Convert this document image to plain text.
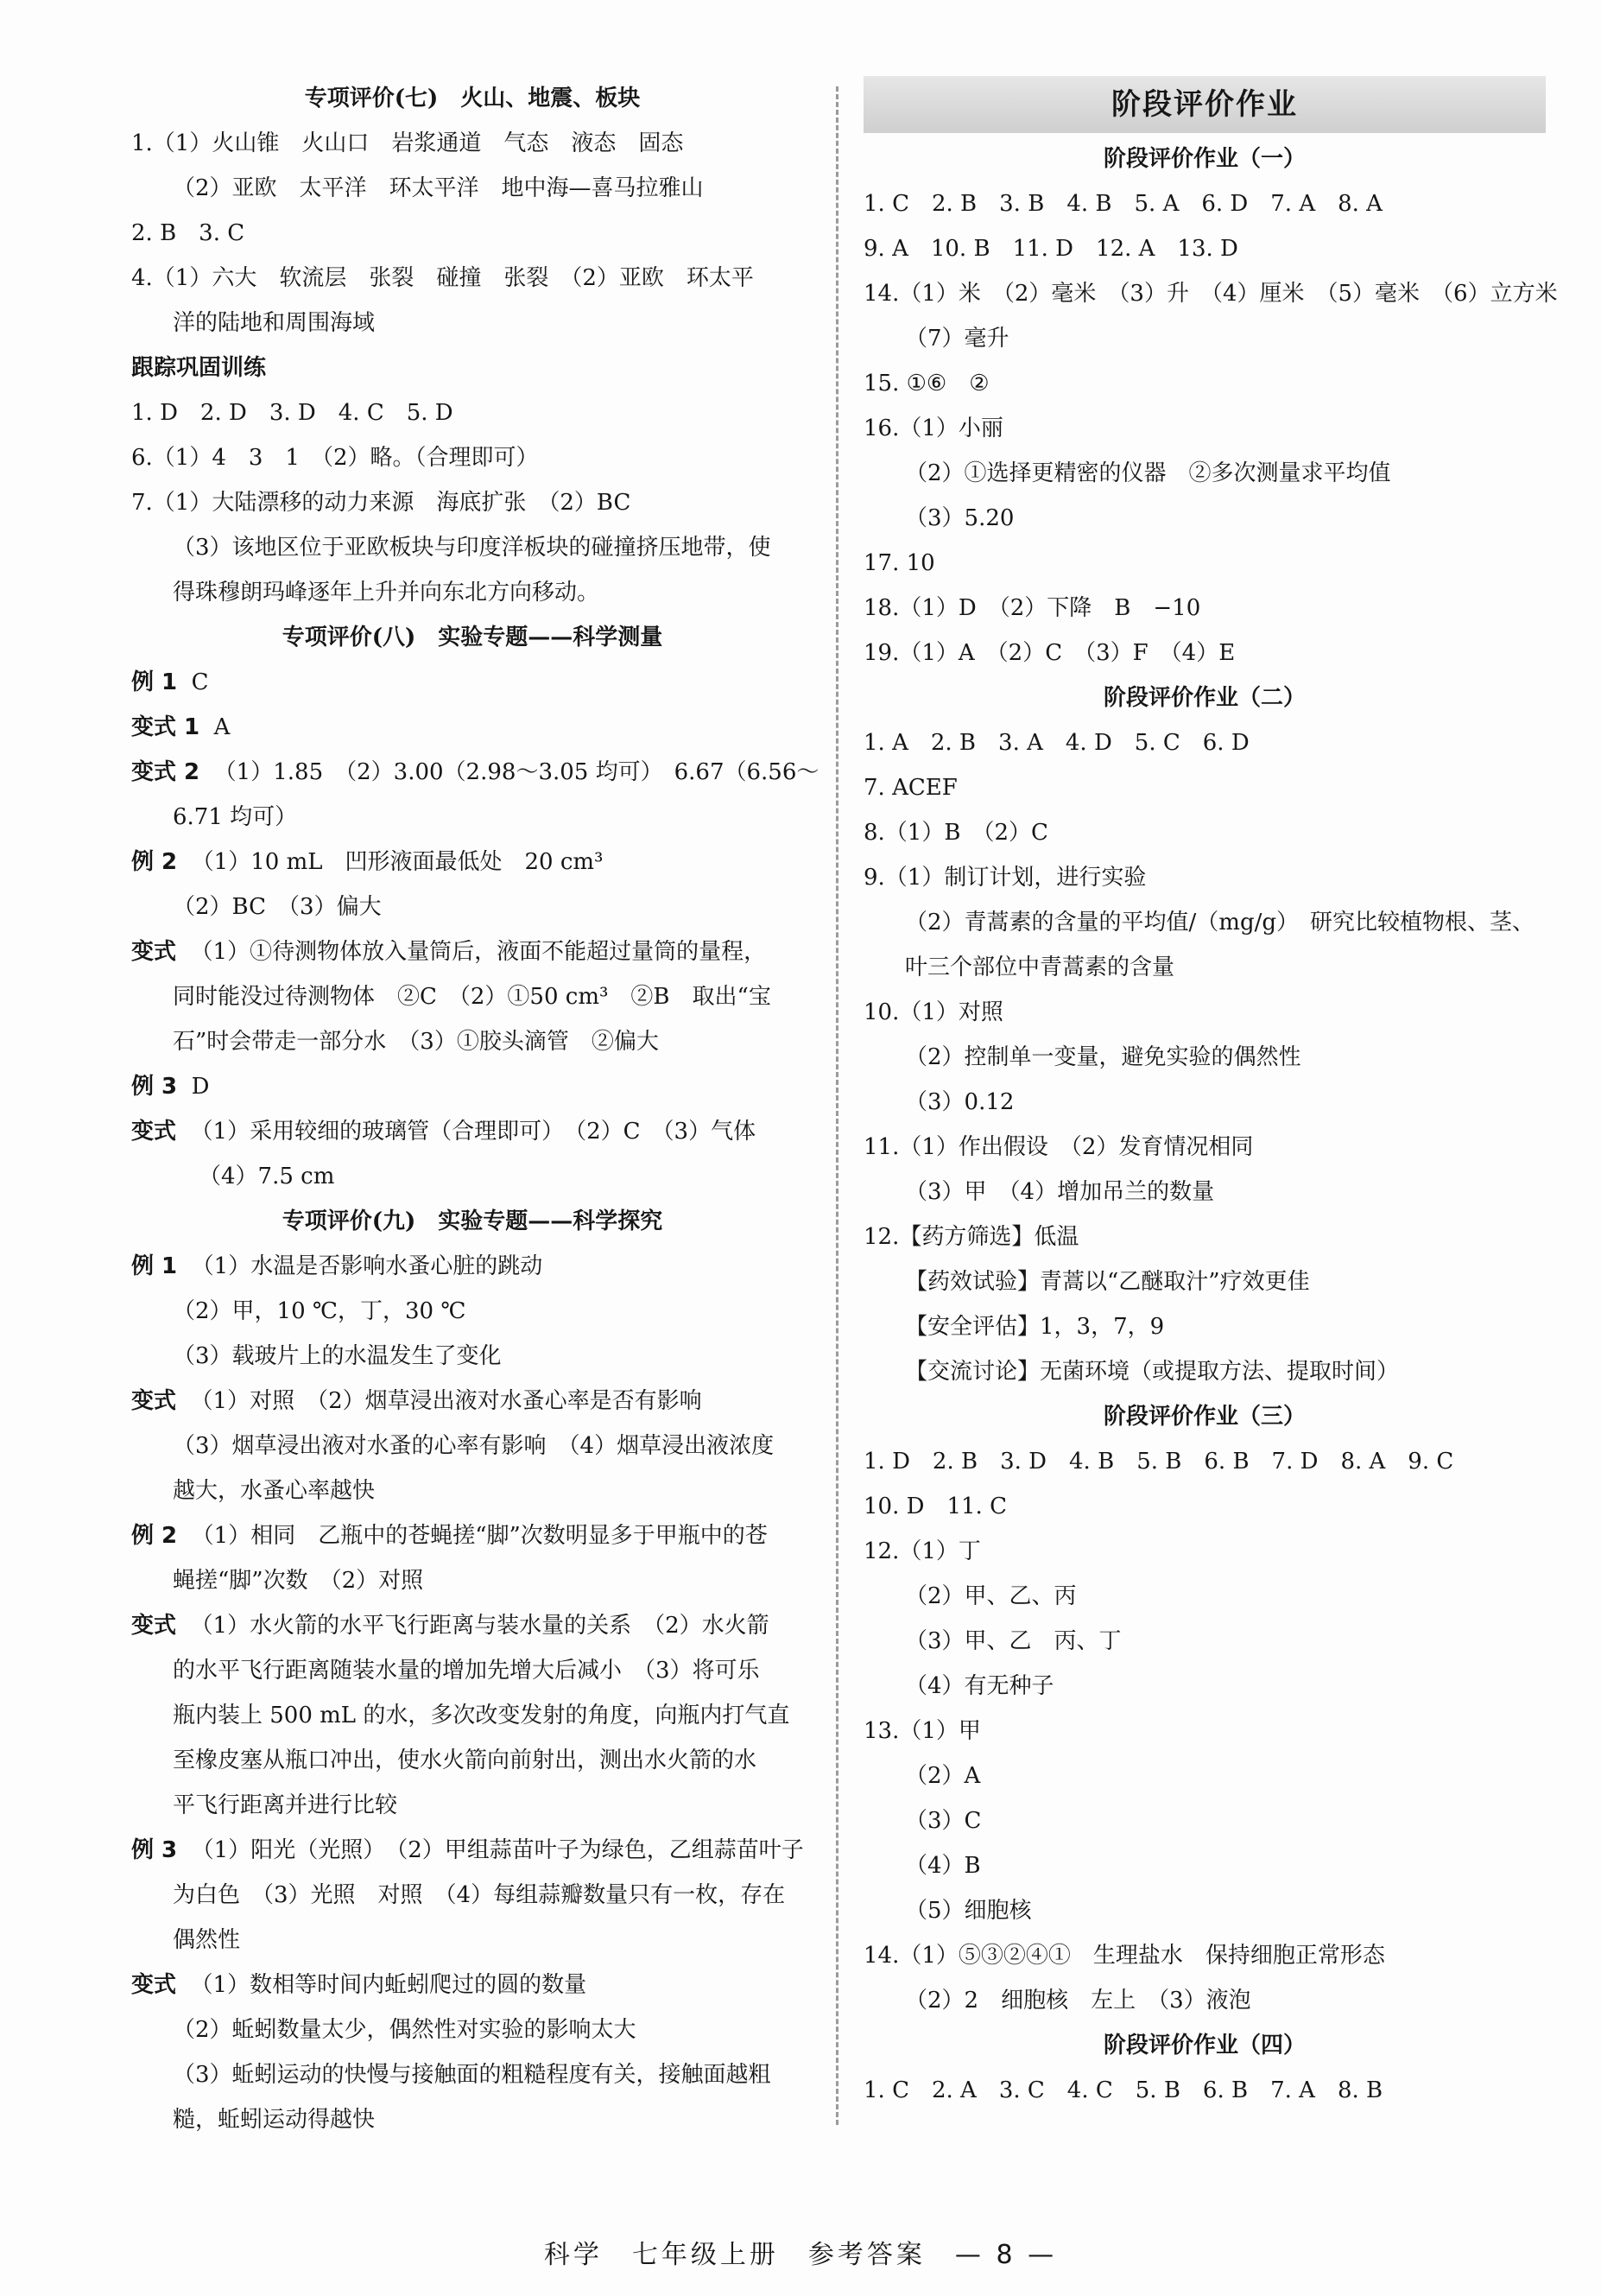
专项评价(七)　火山、地震、板块
1.（1）火山锥　火山口　岩浆通道　气态　液态　固态
（2）亚欧　太平洋　环太平洋　地中海—喜马拉雅山
2. B　3. C
4.（1）六大　软流层　张裂　碰撞　张裂　（2）亚欧　环太平
洋的陆地和周围海域
跟踪巩固训练
1. D　2. D　3. D　4. C　5. D
6.（1）4　3　1　（2）略。（合理即可）
7.（1）大陆漂移的动力来源　海底扩张　（2）BC
（3）该地区位于亚欧板块与印度洋板块的碰撞挤压地带，使
得珠穆朗玛峰逐年上升并向东北方向移动。
专项评价(八)　实验专题——科学测量
例 1  C
变式 1  A
变式 2  （1）1.85　（2）3.00（2.98～3.05 均可）　6.67（6.56～
6.71 均可）
例 2  （1）10 mL　凹形液面最低处　20 cm³
（2）BC　（3）偏大
变式  （1）①待测物体放入量筒后，液面不能超过量筒的量程，
同时能没过待测物体　②C　（2）①50 cm³　②B　取出“宝
石”时会带走一部分水　（3）①胶头滴管　②偏大
例 3  D
变式  （1）采用较细的玻璃管（合理即可）　（2）C　（3）气体
（4）7.5 cm
专项评价(九)　实验专题——科学探究
例 1  （1）水温是否影响水蚤心脏的跳动
（2）甲，10 ℃，丁，30 ℃
（3）载玻片上的水温发生了变化
变式  （1）对照　（2）烟草浸出液对水蚤心率是否有影响
（3）烟草浸出液对水蚤的心率有影响　（4）烟草浸出液浓度
越大，水蚤心率越快
例 2  （1）相同　乙瓶中的苍蝇搓“脚”次数明显多于甲瓶中的苍
蝇搓“脚”次数　（2）对照
变式  （1）水火箭的水平飞行距离与装水量的关系　（2）水火箭
的水平飞行距离随装水量的增加先增大后减小　（3）将可乐
瓶内装上 500 mL 的水，多次改变发射的角度，向瓶内打气直
至橡皮塞从瓶口冲出，使水火箭向前射出，测出水火箭的水
平飞行距离并进行比较
例 3  （1）阳光（光照）　（2）甲组蒜苗叶子为绿色，乙组蒜苗叶子
为白色　（3）光照　对照　（4）每组蒜瓣数量只有一枚，存在
偶然性
变式  （1）数相等时间内蚯蚓爬过的圆的数量
（2）蚯蚓数量太少，偶然性对实验的影响太大
（3）蚯蚓运动的快慢与接触面的粗糙程度有关，接触面越粗
糙，蚯蚓运动得越快
阶段评价作业
阶段评价作业（一）
1. C　2. B　3. B　4. B　5. A　6. D　7. A　8. A
9. A　10. B　11. D　12. A　13. D
14.（1）米　（2）毫米　（3）升　（4）厘米　（5）毫米　（6）立方米
（7）毫升
15. ①⑥　②
16.（1）小丽
（2）①选择更精密的仪器　②多次测量求平均值
（3）5.20
17. 10
18.（1）D　（2）下降　B　−10
19.（1）A　（2）C　（3）F　（4）E
阶段评价作业（二）
1. A　2. B　3. A　4. D　5. C　6. D
7. ACEF
8.（1）B　（2）C
9.（1）制订计划，进行实验
（2）青蒿素的含量的平均值/（mg/g）　研究比较植物根、茎、
叶三个部位中青蒿素的含量
10.（1）对照
（2）控制单一变量，避免实验的偶然性
（3）0.12
11.（1）作出假设　（2）发育情况相同
（3）甲　（4）增加吊兰的数量
12.【药方筛选】低温
【药效试验】青蒿以“乙醚取汁”疗效更佳
【安全评估】1，3，7，9
【交流讨论】无菌环境（或提取方法、提取时间）
阶段评价作业（三）
1. D　2. B　3. D　4. B　5. B　6. B　7. D　8. A　9. C
10. D　11. C
12.（1）丁
（2）甲、乙、丙
（3）甲、乙　丙、丁
（4）有无种子
13.（1）甲
（2）A
（3）C
（4）B
（5）细胞核
14.（1）⑤③②④①　生理盐水　保持细胞正常形态
（2）2　细胞核　左上　（3）液泡
阶段评价作业（四）
1. C　2. A　3. C　4. C　5. B　6. B　7. A　8. B
科学　七年级上册　参考答案　— 8 —
